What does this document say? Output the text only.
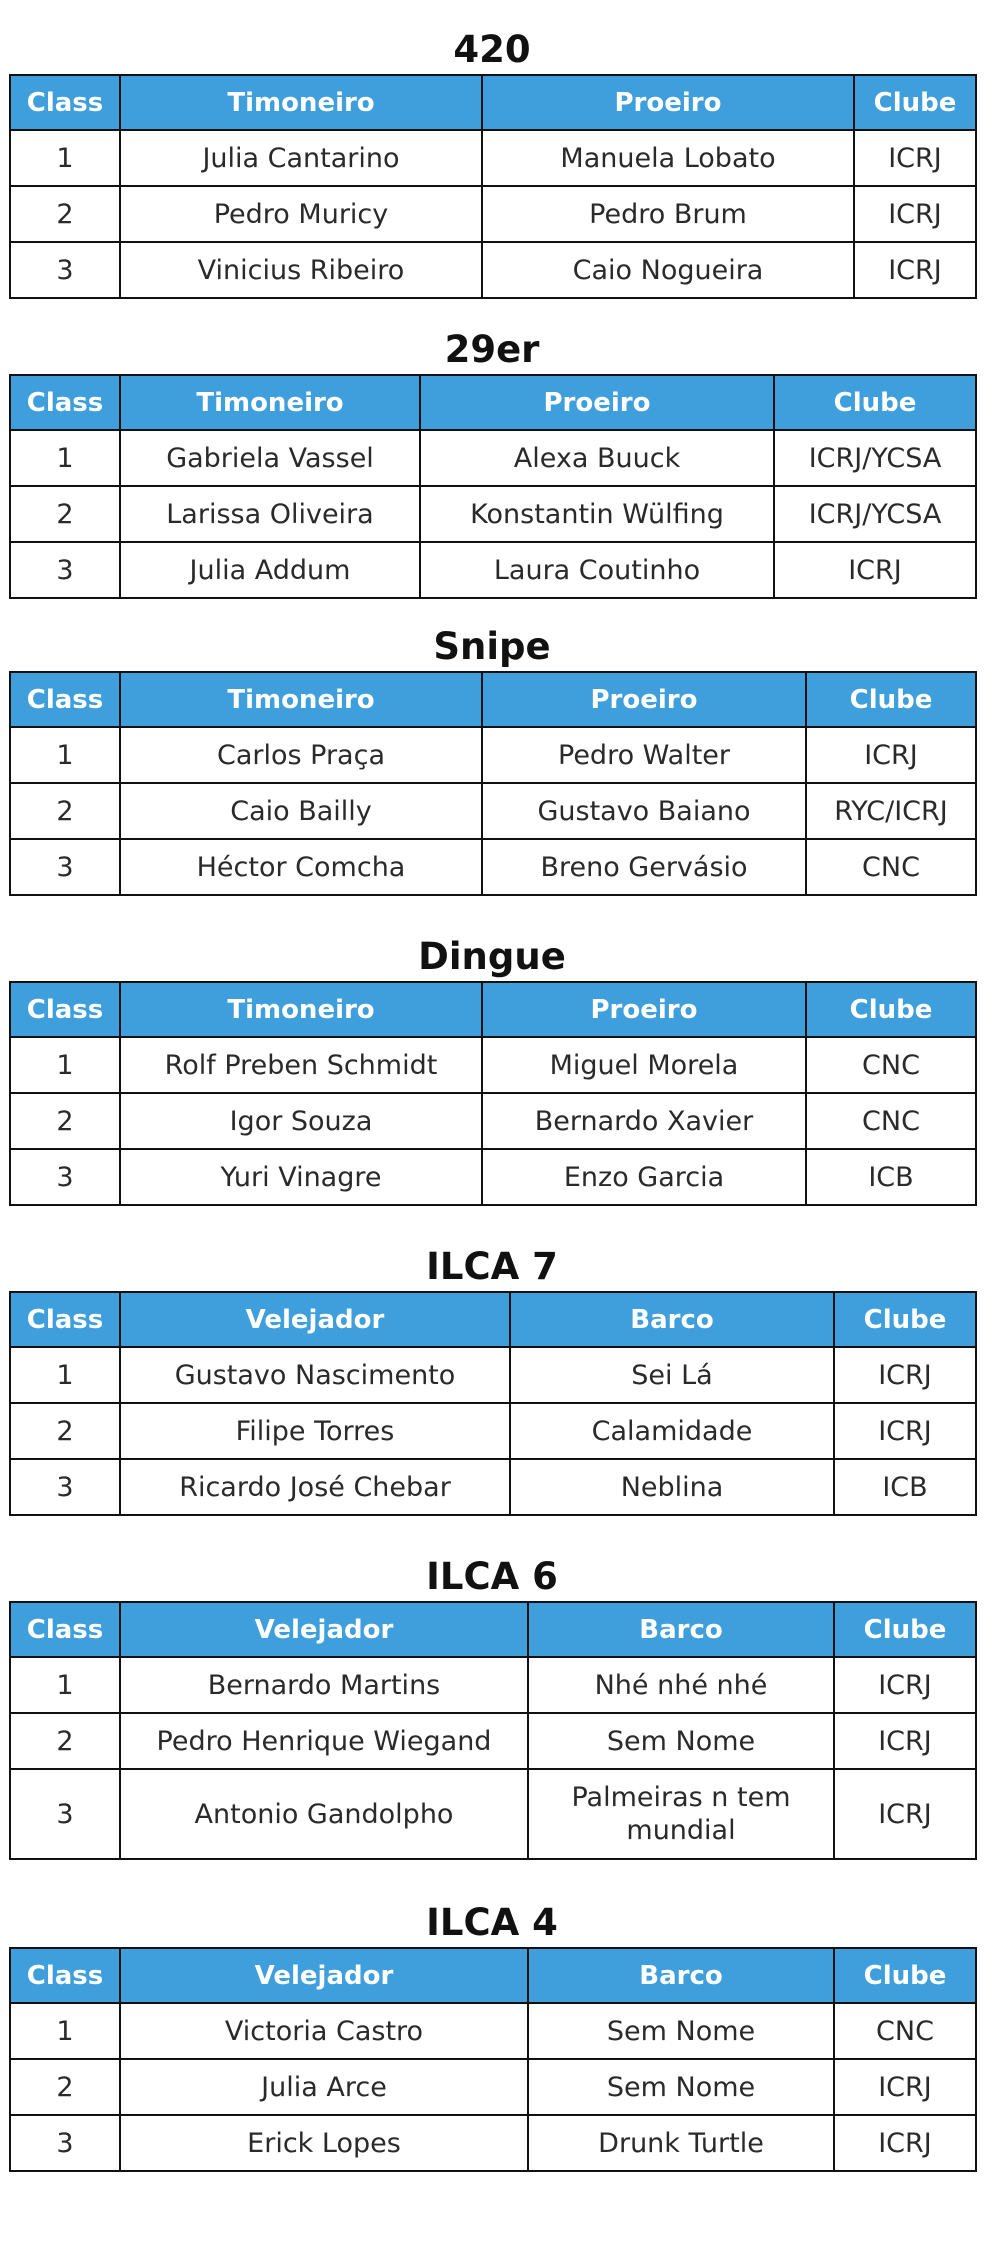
420
Class	Timoneiro	Proeiro	Clube
1	Julia Cantarino	Manuela Lobato	ICRJ
2	Pedro Muricy	Pedro Brum	ICRJ
3	Vinicius Ribeiro	Caio Nogueira	ICRJ
29er
Class	Timoneiro	Proeiro	Clube
1	Gabriela Vassel	Alexa Buuck	ICRJ/YCSA
2	Larissa Oliveira	Konstantin Wülfing	ICRJ/YCSA
3	Julia Addum	Laura Coutinho	ICRJ
Snipe
Class	Timoneiro	Proeiro	Clube
1	Carlos Praça	Pedro Walter	ICRJ
2	Caio Bailly	Gustavo Baiano	RYC/ICRJ
3	Héctor Comcha	Breno Gervásio	CNC
Dingue
Class	Timoneiro	Proeiro	Clube
1	Rolf Preben Schmidt	Miguel Morela	CNC
2	Igor Souza	Bernardo Xavier	CNC
3	Yuri Vinagre	Enzo Garcia	ICB
ILCA 7
Class	Velejador	Barco	Clube
1	Gustavo Nascimento	Sei Lá	ICRJ
2	Filipe Torres	Calamidade	ICRJ
3	Ricardo José Chebar	Neblina	ICB
ILCA 6
Class	Velejador	Barco	Clube
1	Bernardo Martins	Nhé nhé nhé	ICRJ
2	Pedro Henrique Wiegand	Sem Nome	ICRJ
3	Antonio Gandolpho	Palmeiras n tem mundial	ICRJ
ILCA 4
Class	Velejador	Barco	Clube
1	Victoria Castro	Sem Nome	CNC
2	Julia Arce	Sem Nome	ICRJ
3	Erick Lopes	Drunk Turtle	ICRJ
